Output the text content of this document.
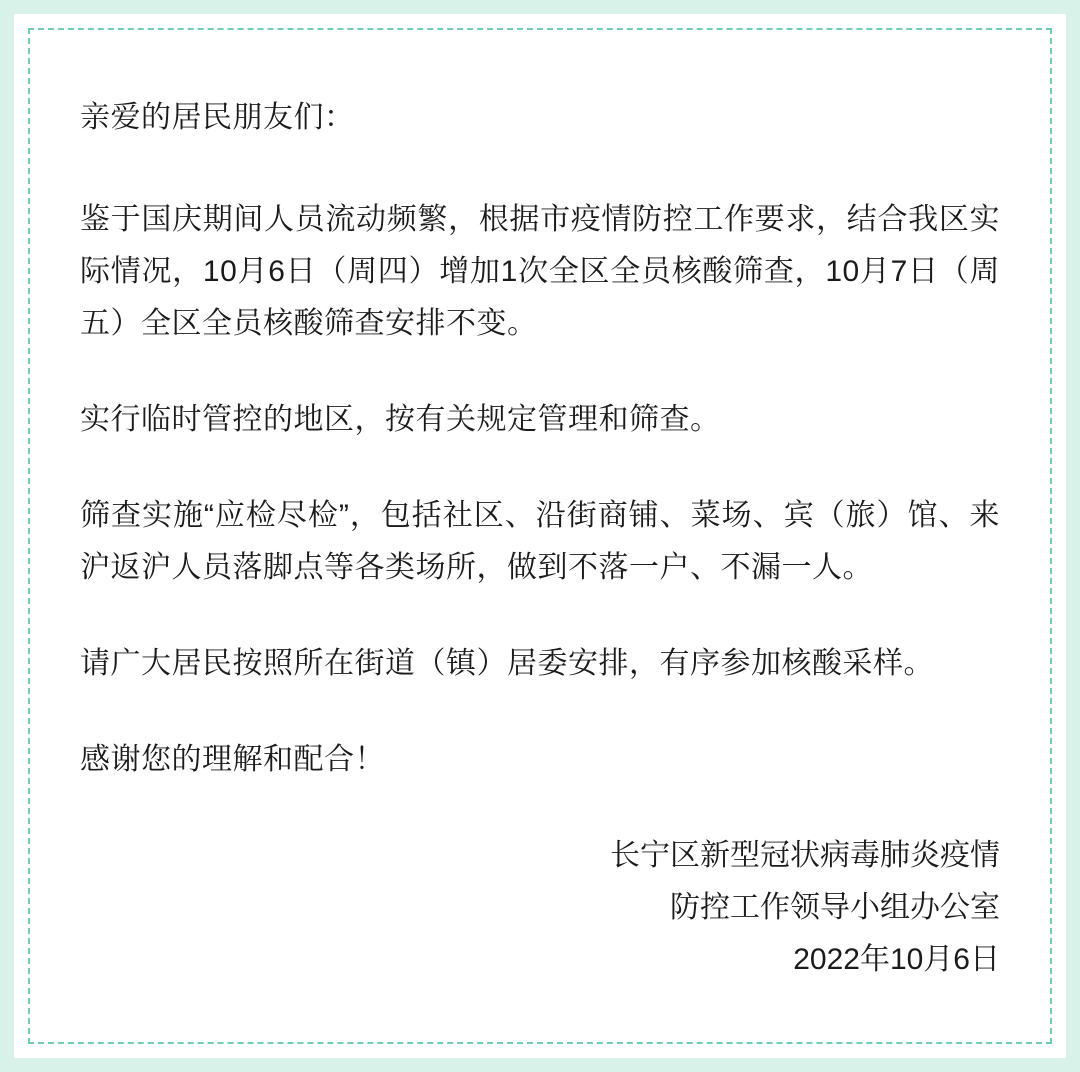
亲爱的居民朋友们：

鉴于国庆期间人员流动频繁，根据市疫情防控工作要求，结合我区实际情况，10月6日（周四）增加1次全区全员核酸筛查，10月7日（周五）全区全员核酸筛查安排不变。

实行临时管控的地区，按有关规定管理和筛查。

筛查实施“应检尽检”，包括社区、沿街商铺、菜场、宾（旅）馆、来沪返沪人员落脚点等各类场所，做到不落一户、不漏一人。

请广大居民按照所在街道（镇）居委安排，有序参加核酸采样。

感谢您的理解和配合！

长宁区新型冠状病毒肺炎疫情
防控工作领导小组办公室
2022年10月6日
